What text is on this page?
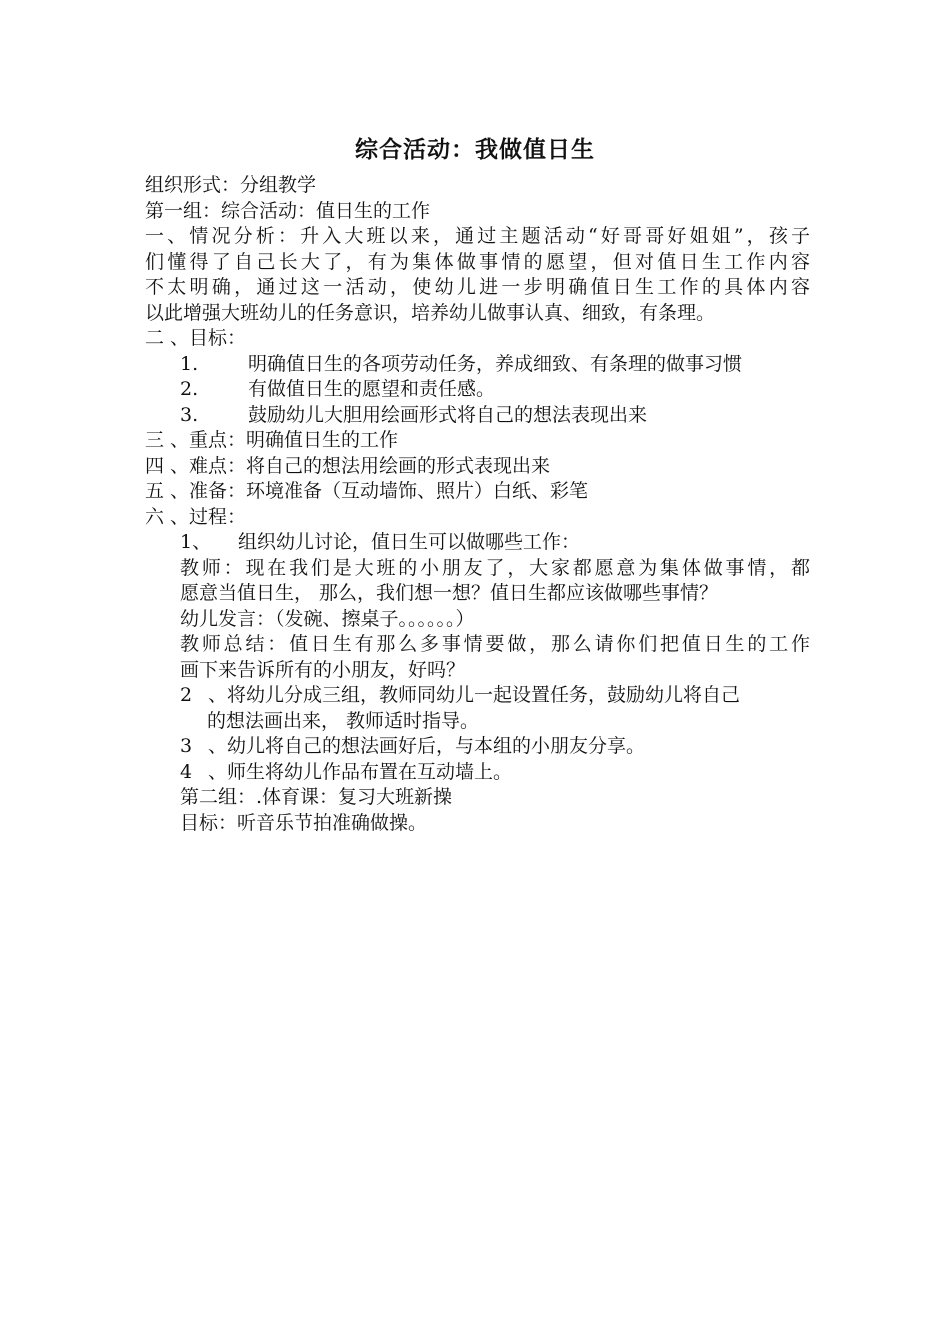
综合活动：我做值日生
组织形式：分组教学
第一组：综合活动：值日生的工作
一、情况分析：升入大班以来，通过主题活动“好哥哥好姐姐”，孩子
们懂得了自己长大了，有为集体做事情的愿望，但对值日生工作内容
不太明确，通过这一活动，使幼儿进一步明确值日生工作的具体内容
以此增强大班幼儿的任务意识，培养幼儿做事认真、细致，有条理。
二 、目标：
1.	明确值日生的各项劳动任务，养成细致、有条理的做事习惯
2.	有做值日生的愿望和责任感。
3.	鼓励幼儿大胆用绘画形式将自己的想法表现出来
三 、重点：明确值日生的工作
四 、难点：将自己的想法用绘画的形式表现出来
五 、准备：环境准备（互动墙饰、照片）白纸、彩笔
六 、过程：
1、 组织幼儿讨论，值日生可以做哪些工作：
教师：现在我们是大班的小朋友了，大家都愿意为集体做事情，都
愿意当值日生， 那么，我们想一想？值日生都应该做哪些事情？
幼儿发言：（发碗、擦桌子。。。。。。）
教师总结：值日生有那么多事情要做，那么请你们把值日生的工作
画下来告诉所有的小朋友，好吗？
2 、将幼儿分成三组，教师同幼儿一起设置任务，鼓励幼儿将自己
的想法画出来， 教师适时指导。
3 、幼儿将自己的想法画好后，与本组的小朋友分享。
4 、师生将幼儿作品布置在互动墙上。
第二组：.体育课：复习大班新操
目标：听音乐节拍准确做操。
